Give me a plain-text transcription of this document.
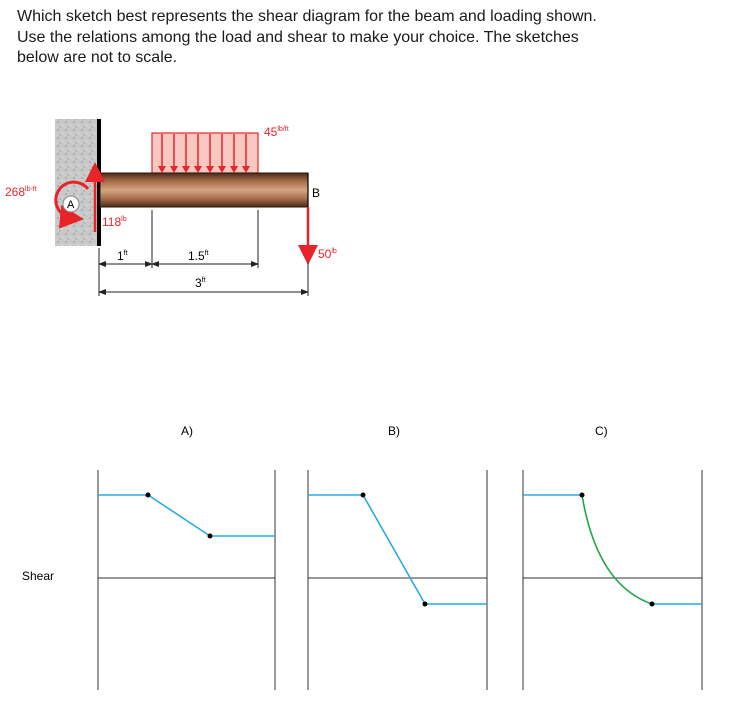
Which sketch best represents the shear diagram for the beam and loading shown.
Use the relations among the load and shear to make your choice. The sketches
below are not to scale.
$45^{lb/ft}$
B
$268^{lb-ft}$
A
$118^{lb}$
$50^{lb}$
$1^{ft}$	$1.5^{ft}$
$3^{ft}$
A)	B)	C)
Shear
